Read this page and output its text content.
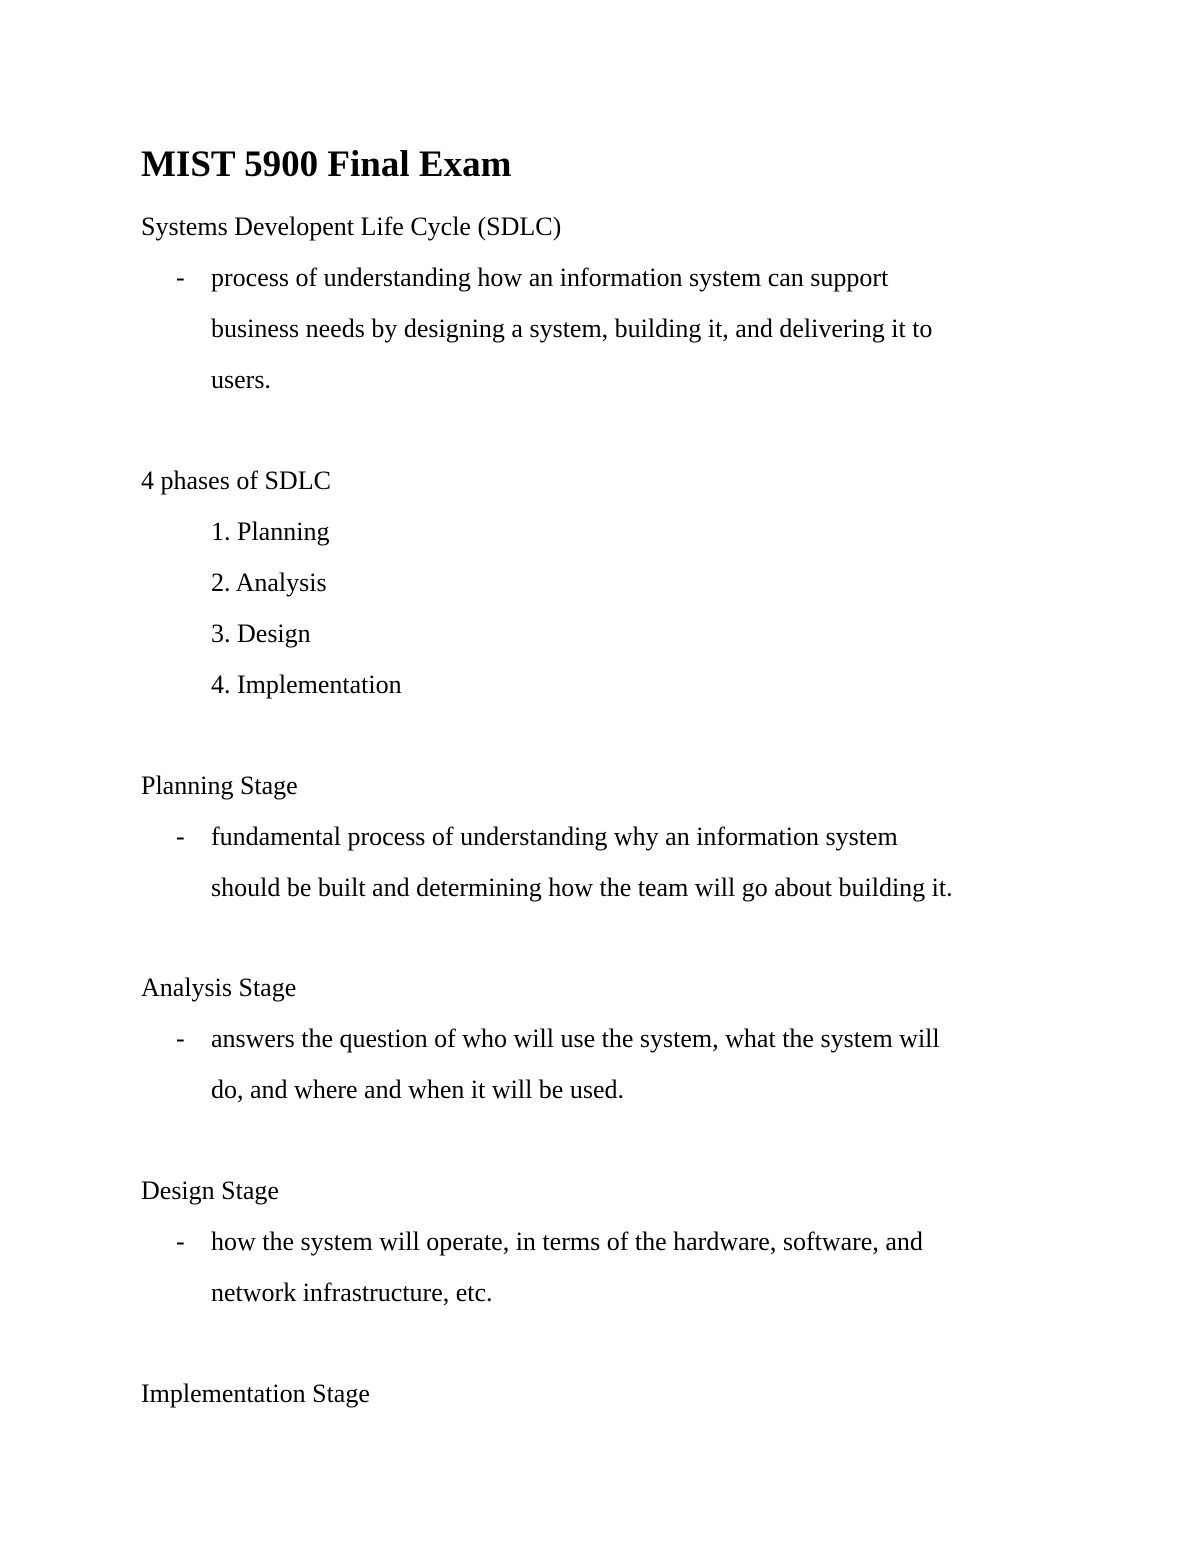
MIST 5900 Final Exam
Systems Developent Life Cycle (SDLC)
- process of understanding how an information system can support
business needs by designing a system, building it, and delivering it to
users.
4 phases of SDLC
1. Planning
2. Analysis
3. Design
4. Implementation
Planning Stage
- fundamental process of understanding why an information system
should be built and determining how the team will go about building it.
Analysis Stage
- answers the question of who will use the system, what the system will
do, and where and when it will be used.
Design Stage
- how the system will operate, in terms of the hardware, software, and
network infrastructure, etc.
Implementation Stage
